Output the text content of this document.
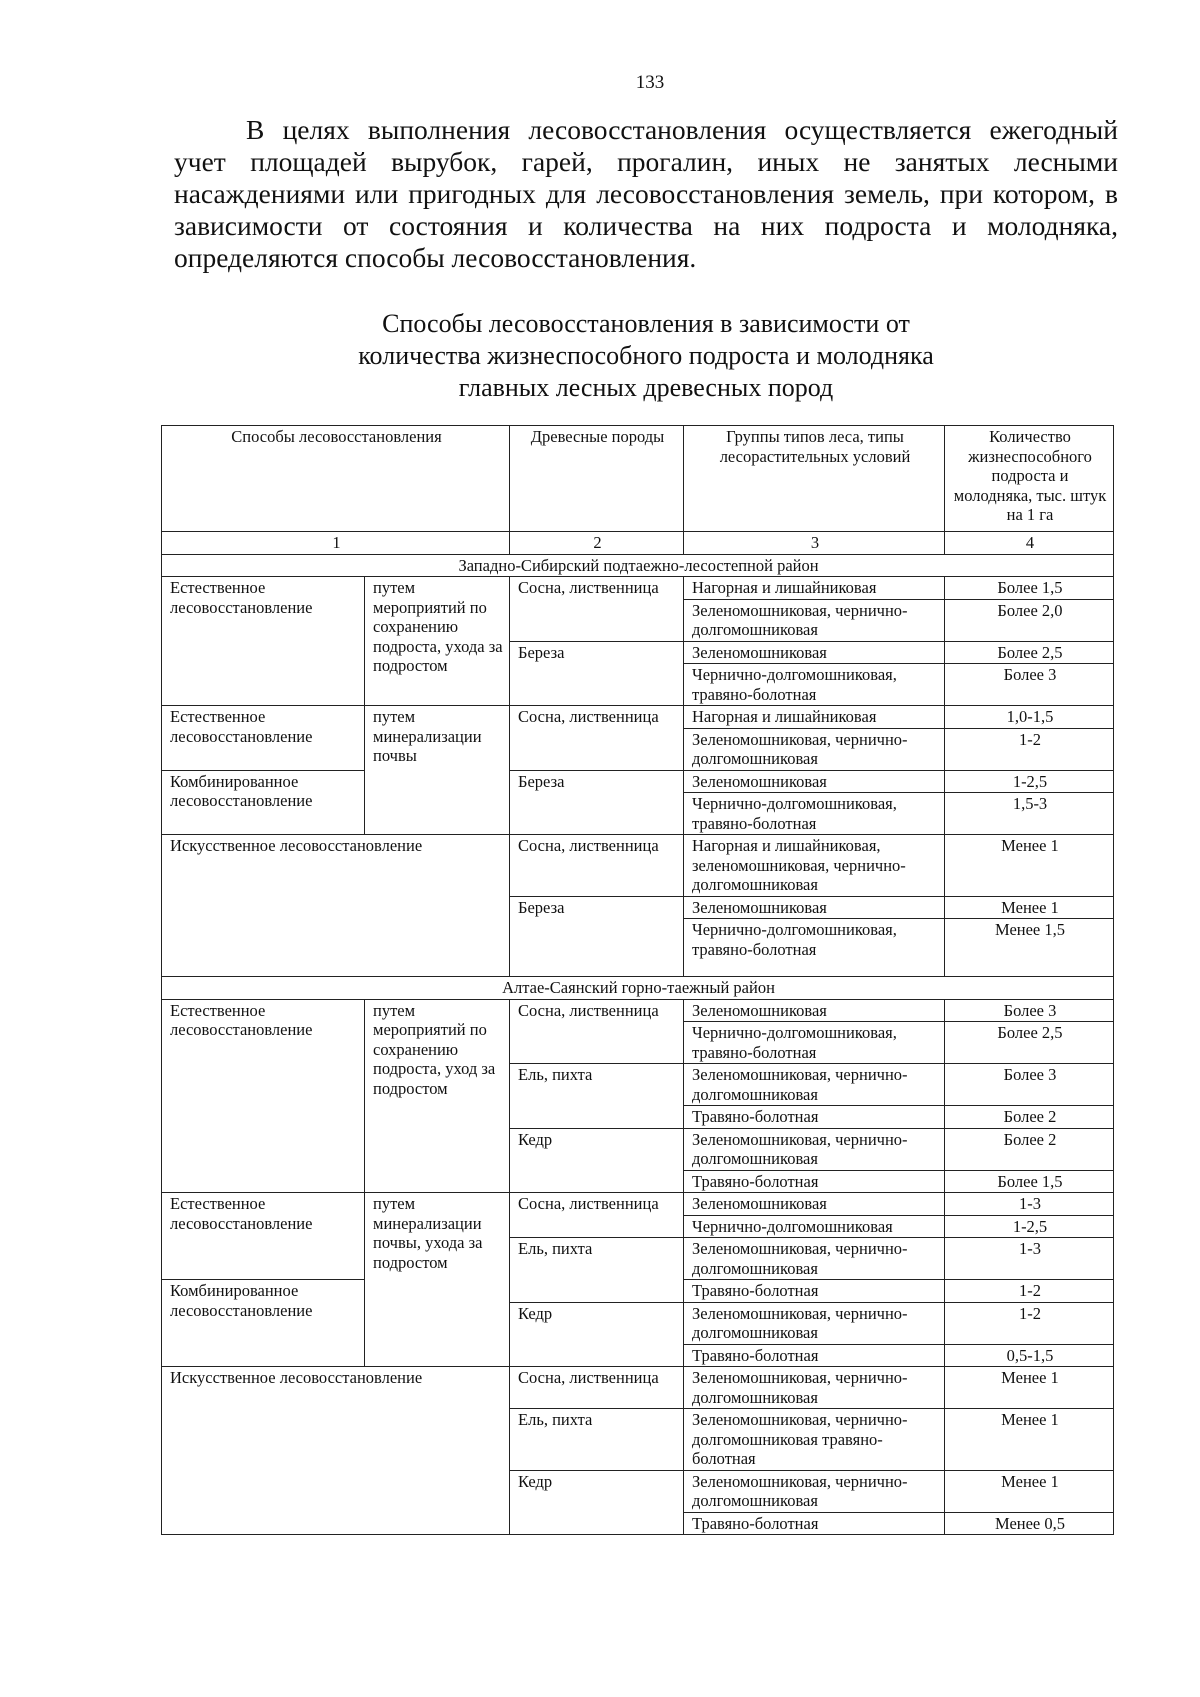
133

В целях выполнения лесовосстановления осуществляется ежегодный учет площадей вырубок, гарей, прогалин, иных не занятых лесными насаждениями или пригодных для лесовосстановления земель, при котором, в зависимости от состояния и количества на них подроста и молодняка, определяются способы лесовосстановления.

Способы лесовосстановления в зависимости от
количества жизнеспособного подроста и молодняка
главных лесных древесных пород
Способы лесовосстановления		Древесные породы	Группы типов леса, типы лесорастительных условий	Количество жизнеспособного подроста и молодняка, тыс. штук на 1 га
1		2	3	4
Западно-Сибирский подтаежно-лесостепной район				
Естественное лесовосстановление	путем мероприятий по сохранению подроста, ухода за подростом	Сосна, лиственница	Нагорная и лишайниковая	Более 1,5
			Зеленомошниковая, чернично-долгомошниковая	Более 2,0
		Береза	Зеленомошниковая	Более 2,5
			Чернично-долгомошниковая, травяно-болотная	Более 3
Естественное лесовосстановление	путем минерализации почвы	Сосна, лиственница	Нагорная и лишайниковая	1,0-1,5
			Зеленомошниковая, чернично-долгомошниковая	1-2
Комбинированное лесовосстановление		Береза	Зеленомошниковая	1-2,5
			Чернично-долгомошниковая, травяно-болотная	1,5-3
Искусственное лесовосстановление		Сосна, лиственница	Нагорная и лишайниковая, зеленомошниковая, чернично-долгомошниковая	Менее 1
		Береза	Зеленомошниковая	Менее 1
			Чернично-долгомошниковая, травяно-болотная	Менее 1,5
Алтае-Саянский горно-таежный район				
Естественное лесовосстановление	путем мероприятий по сохранению подроста, уход за подростом	Сосна, лиственница	Зеленомошниковая	Более 3
			Чернично-долгомошниковая, травяно-болотная	Более 2,5
		Ель, пихта	Зеленомошниковая, чернично-долгомошниковая	Более 3
			Травяно-болотная	Более 2
		Кедр	Зеленомошниковая, чернично-долгомошниковая	Более 2
			Травяно-болотная	Более 1,5
Естественное лесовосстановление	путем минерализации почвы, ухода за подростом	Сосна, лиственница	Зеленомошниковая	1-3
			Чернично-долгомошниковая	1-2,5
		Ель, пихта	Зеленомошниковая, чернично-долгомошниковая	1-3
Комбинированное лесовосстановление			Травяно-болотная	1-2
		Кедр	Зеленомошниковая, чернично-долгомошниковая	1-2
			Травяно-болотная	0,5-1,5
Искусственное лесовосстановление		Сосна, лиственница	Зеленомошниковая, чернично-долгомошниковая	Менее 1
		Ель, пихта	Зеленомошниковая, чернично-долгомошниковая травяно-болотная	Менее 1
		Кедр	Зеленомошниковая, чернично-долгомошниковая	Менее 1
			Травяно-болотная	Менее 0,5
